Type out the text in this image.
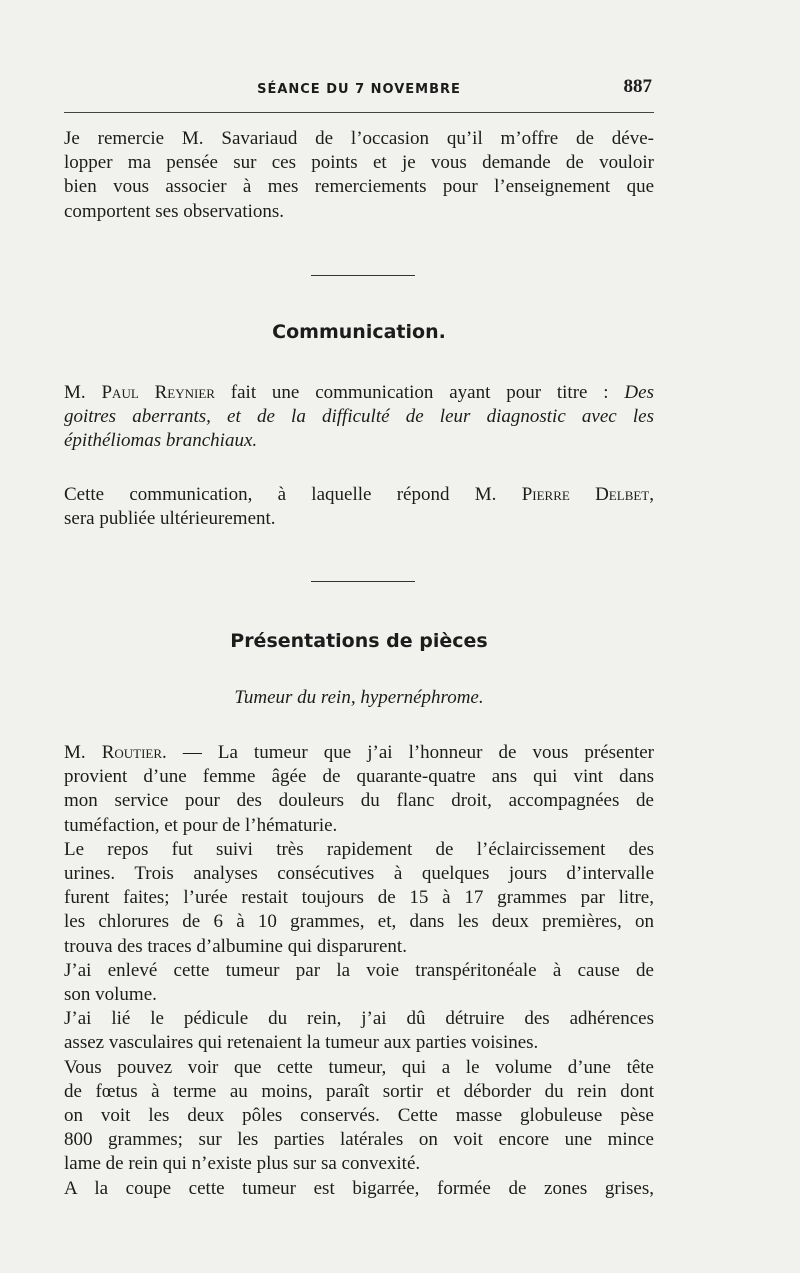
SÉANCE DU 7 NOVEMBRE	887
Je remercie M. Savariaud de l’occasion qu’il m’offre de déve-
lopper ma pensée sur ces points et je vous demande de vouloir
bien vous associer à mes remerciements pour l’enseignement que
comportent ses observations.
Communication.
M. Paul Reynier fait une communication ayant pour titre : Des
goitres aberrants, et de la difficulté de leur diagnostic avec les
épithéliomas branchiaux.
Cette communication, à laquelle répond M. Pierre Delbet,
sera publiée ultérieurement.
Présentations de pièces
Tumeur du rein, hypernéphrome.
M. Routier. — La tumeur que j’ai l’honneur de vous présenter
provient d’une femme âgée de quarante-quatre ans qui vint dans
mon service pour des douleurs du flanc droit, accompagnées de
tuméfaction, et pour de l’hématurie.
Le repos fut suivi très rapidement de l’éclaircissement des
urines. Trois analyses consécutives à quelques jours d’intervalle
furent faites; l’urée restait toujours de 15 à 17 grammes par litre,
les chlorures de 6 à 10 grammes, et, dans les deux premières, on
trouva des traces d’albumine qui disparurent.
J’ai enlevé cette tumeur par la voie transpéritonéale à cause de
son volume.
J’ai lié le pédicule du rein, j’ai dû détruire des adhérences
assez vasculaires qui retenaient la tumeur aux parties voisines.
Vous pouvez voir que cette tumeur, qui a le volume d’une tête
de fœtus à terme au moins, paraît sortir et déborder du rein dont
on voit les deux pôles conservés. Cette masse globuleuse pèse
800 grammes; sur les parties latérales on voit encore une mince
lame de rein qui n’existe plus sur sa convexité.
A la coupe cette tumeur est bigarrée, formée de zones grises,
